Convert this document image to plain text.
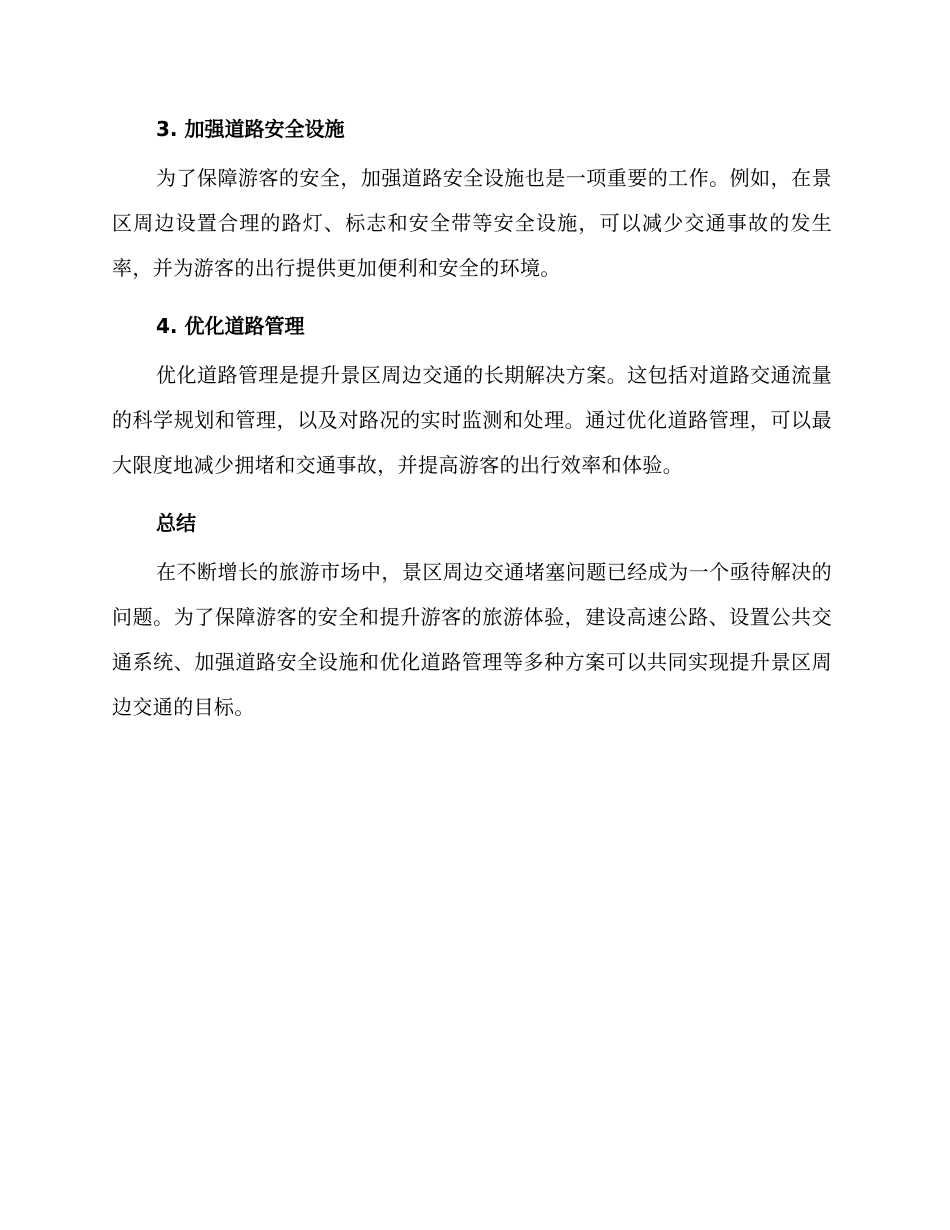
3. 加强道路安全设施

为了保障游客的安全，加强道路安全设施也是一项重要的工作。例如，在景区周边设置合理的路灯、标志和安全带等安全设施，可以减少交通事故的发生率，并为游客的出行提供更加便利和安全的环境。

4. 优化道路管理

优化道路管理是提升景区周边交通的长期解决方案。这包括对道路交通流量的科学规划和管理，以及对路况的实时监测和处理。通过优化道路管理，可以最大限度地减少拥堵和交通事故，并提高游客的出行效率和体验。

总结

在不断增长的旅游市场中，景区周边交通堵塞问题已经成为一个亟待解决的问题。为了保障游客的安全和提升游客的旅游体验，建设高速公路、设置公共交通系统、加强道路安全设施和优化道路管理等多种方案可以共同实现提升景区周边交通的目标。
